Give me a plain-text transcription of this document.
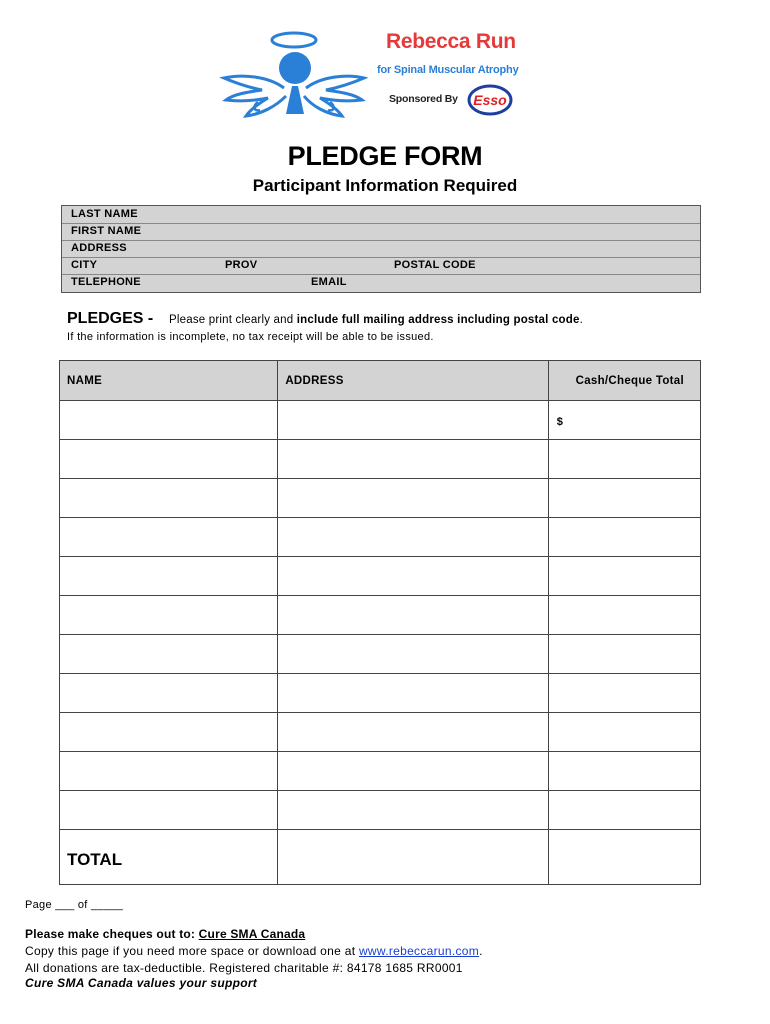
Rebecca Run
for Spinal Muscular Atrophy
Sponsored By Esso
PLEDGE FORM
Participant Information Required
LAST NAME
FIRST NAME
ADDRESS
CITY	PROV	POSTAL CODE
TELEPHONE	EMAIL
PLEDGES - Please print clearly and include full mailing address including postal code.
If the information is incomplete, no tax receipt will be able to be issued.
NAME	ADDRESS	Cash/Cheque Total

		$

TOTAL		

Page ___ of _____
Please make cheques out to: Cure SMA Canada
Copy this page if you need more space or download one at www.rebeccarun.com.
All donations are tax-deductible. Registered charitable #: 84178 1685 RR0001
Cure SMA Canada values your support
